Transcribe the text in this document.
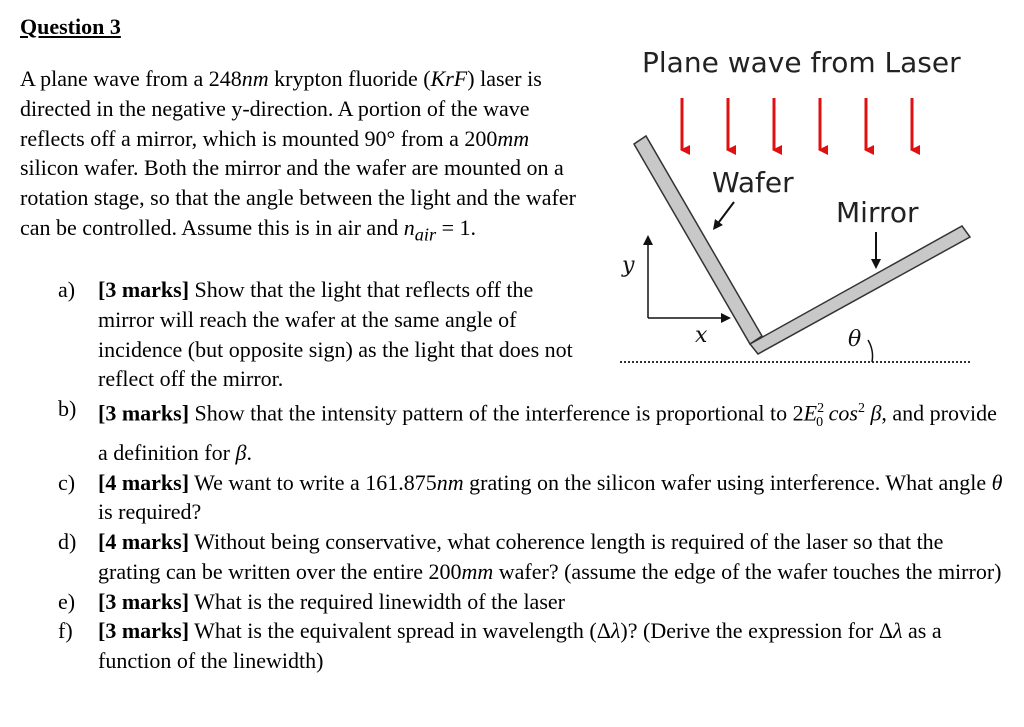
Question 3
A plane wave from a 248nm krypton fluoride (KrF) laser is directed in the negative y-direction. A portion of the wave reflects off a mirror, which is mounted 90° from a 200mm silicon wafer. Both the mirror and the wafer are mounted on a rotation stage, so that the angle between the light and the wafer can be controlled. Assume this is in air and $n_{air} = 1$.
a) [3 marks] Show that the light that reflects off the mirror will reach the wafer at the same angle of incidence (but opposite sign) as the light that does not reflect off the mirror.
b) [3 marks] Show that the intensity pattern of the interference is proportional to $2E^2_0$ $\cos^2 \beta$, and provide a definition for β.
c) [4 marks] We want to write a 161.875nm grating on the silicon wafer using interference. What angle θ is required?
d) [4 marks] Without being conservative, what coherence length is required of the laser so that the grating can be written over the entire 200mm wafer? (assume the edge of the wafer touches the mirror)
e) [3 marks] What is the required linewidth of the laser
f) [3 marks] What is the equivalent spread in wavelength (Δλ)? (Derive the expression for Δλ as a function of the linewidth)
Plane wave from Laser
Wafer
Mirror
y
x	θ
